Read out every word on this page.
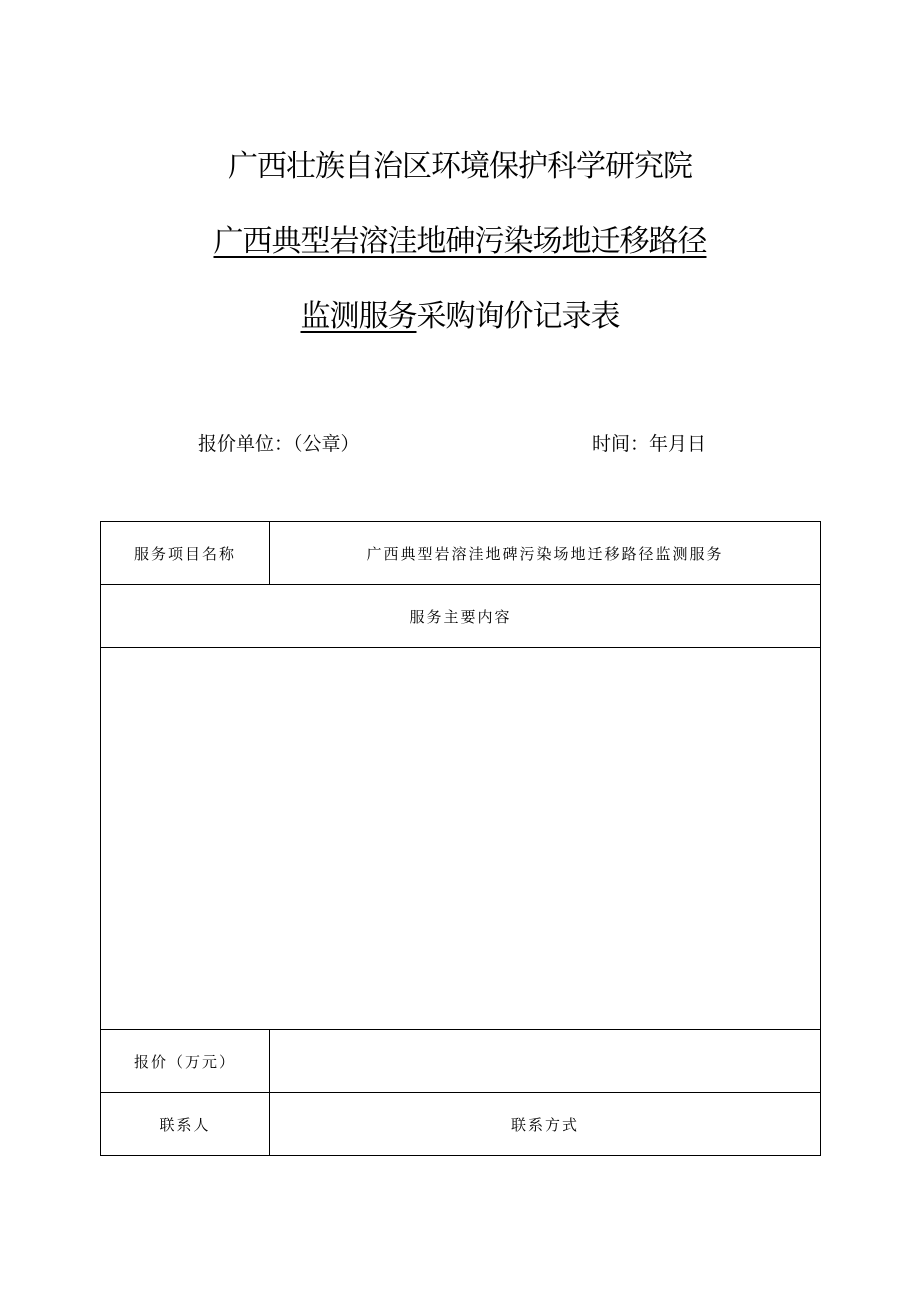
广西壮族自治区环境保护科学研究院
广西典型岩溶洼地砷污染场地迁移路径
监测服务采购询价记录表
报价单位：（公章）	时间：年月日
服务项目名称	广西典型岩溶洼地碑污染场地迁移路径监测服务
服务主要内容	

报价（万元）	
联系人	联系方式
